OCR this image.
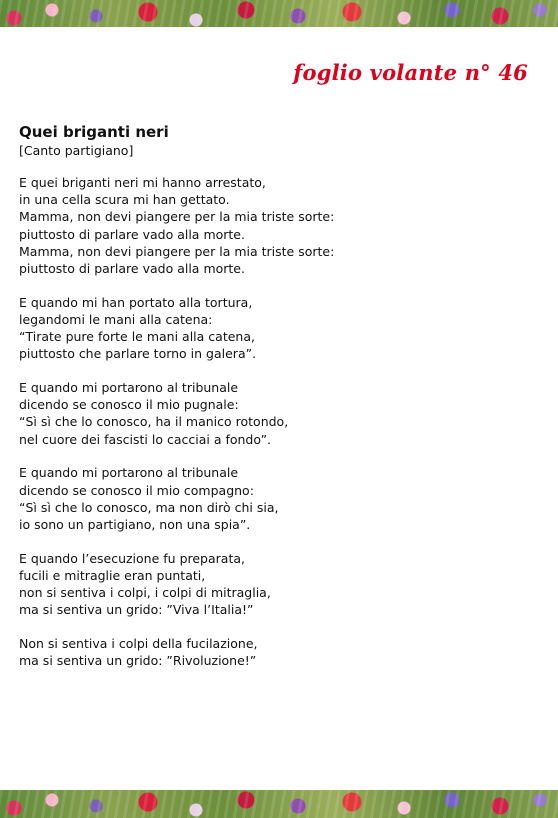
foglio volante n° 46
Quei briganti neri
[Canto partigiano]
E quei briganti neri mi hanno arrestato,
in una cella scura mi han gettato.
Mamma, non devi piangere per la mia triste sorte:
piuttosto di parlare vado alla morte.
Mamma, non devi piangere per la mia triste sorte:
piuttosto di parlare vado alla morte.
E quando mi han portato alla tortura,
legandomi le mani alla catena:
“Tirate pure forte le mani alla catena,
piuttosto che parlare torno in galera”.
E quando mi portarono al tribunale
dicendo se conosco il mio pugnale:
“Sì sì che lo conosco, ha il manico rotondo,
nel cuore dei fascisti lo cacciai a fondo”.
E quando mi portarono al tribunale
dicendo se conosco il mio compagno:
“Sì sì che lo conosco, ma non dirò chi sia,
io sono un partigiano, non una spia”.
E quando l’esecuzione fu preparata,
fucili e mitraglie eran puntati,
non si sentiva i colpi, i colpi di mitraglia,
ma si sentiva un grido: ”Viva l’Italia!”
Non si sentiva i colpi della fucilazione,
ma si sentiva un grido: ”Rivoluzione!”
